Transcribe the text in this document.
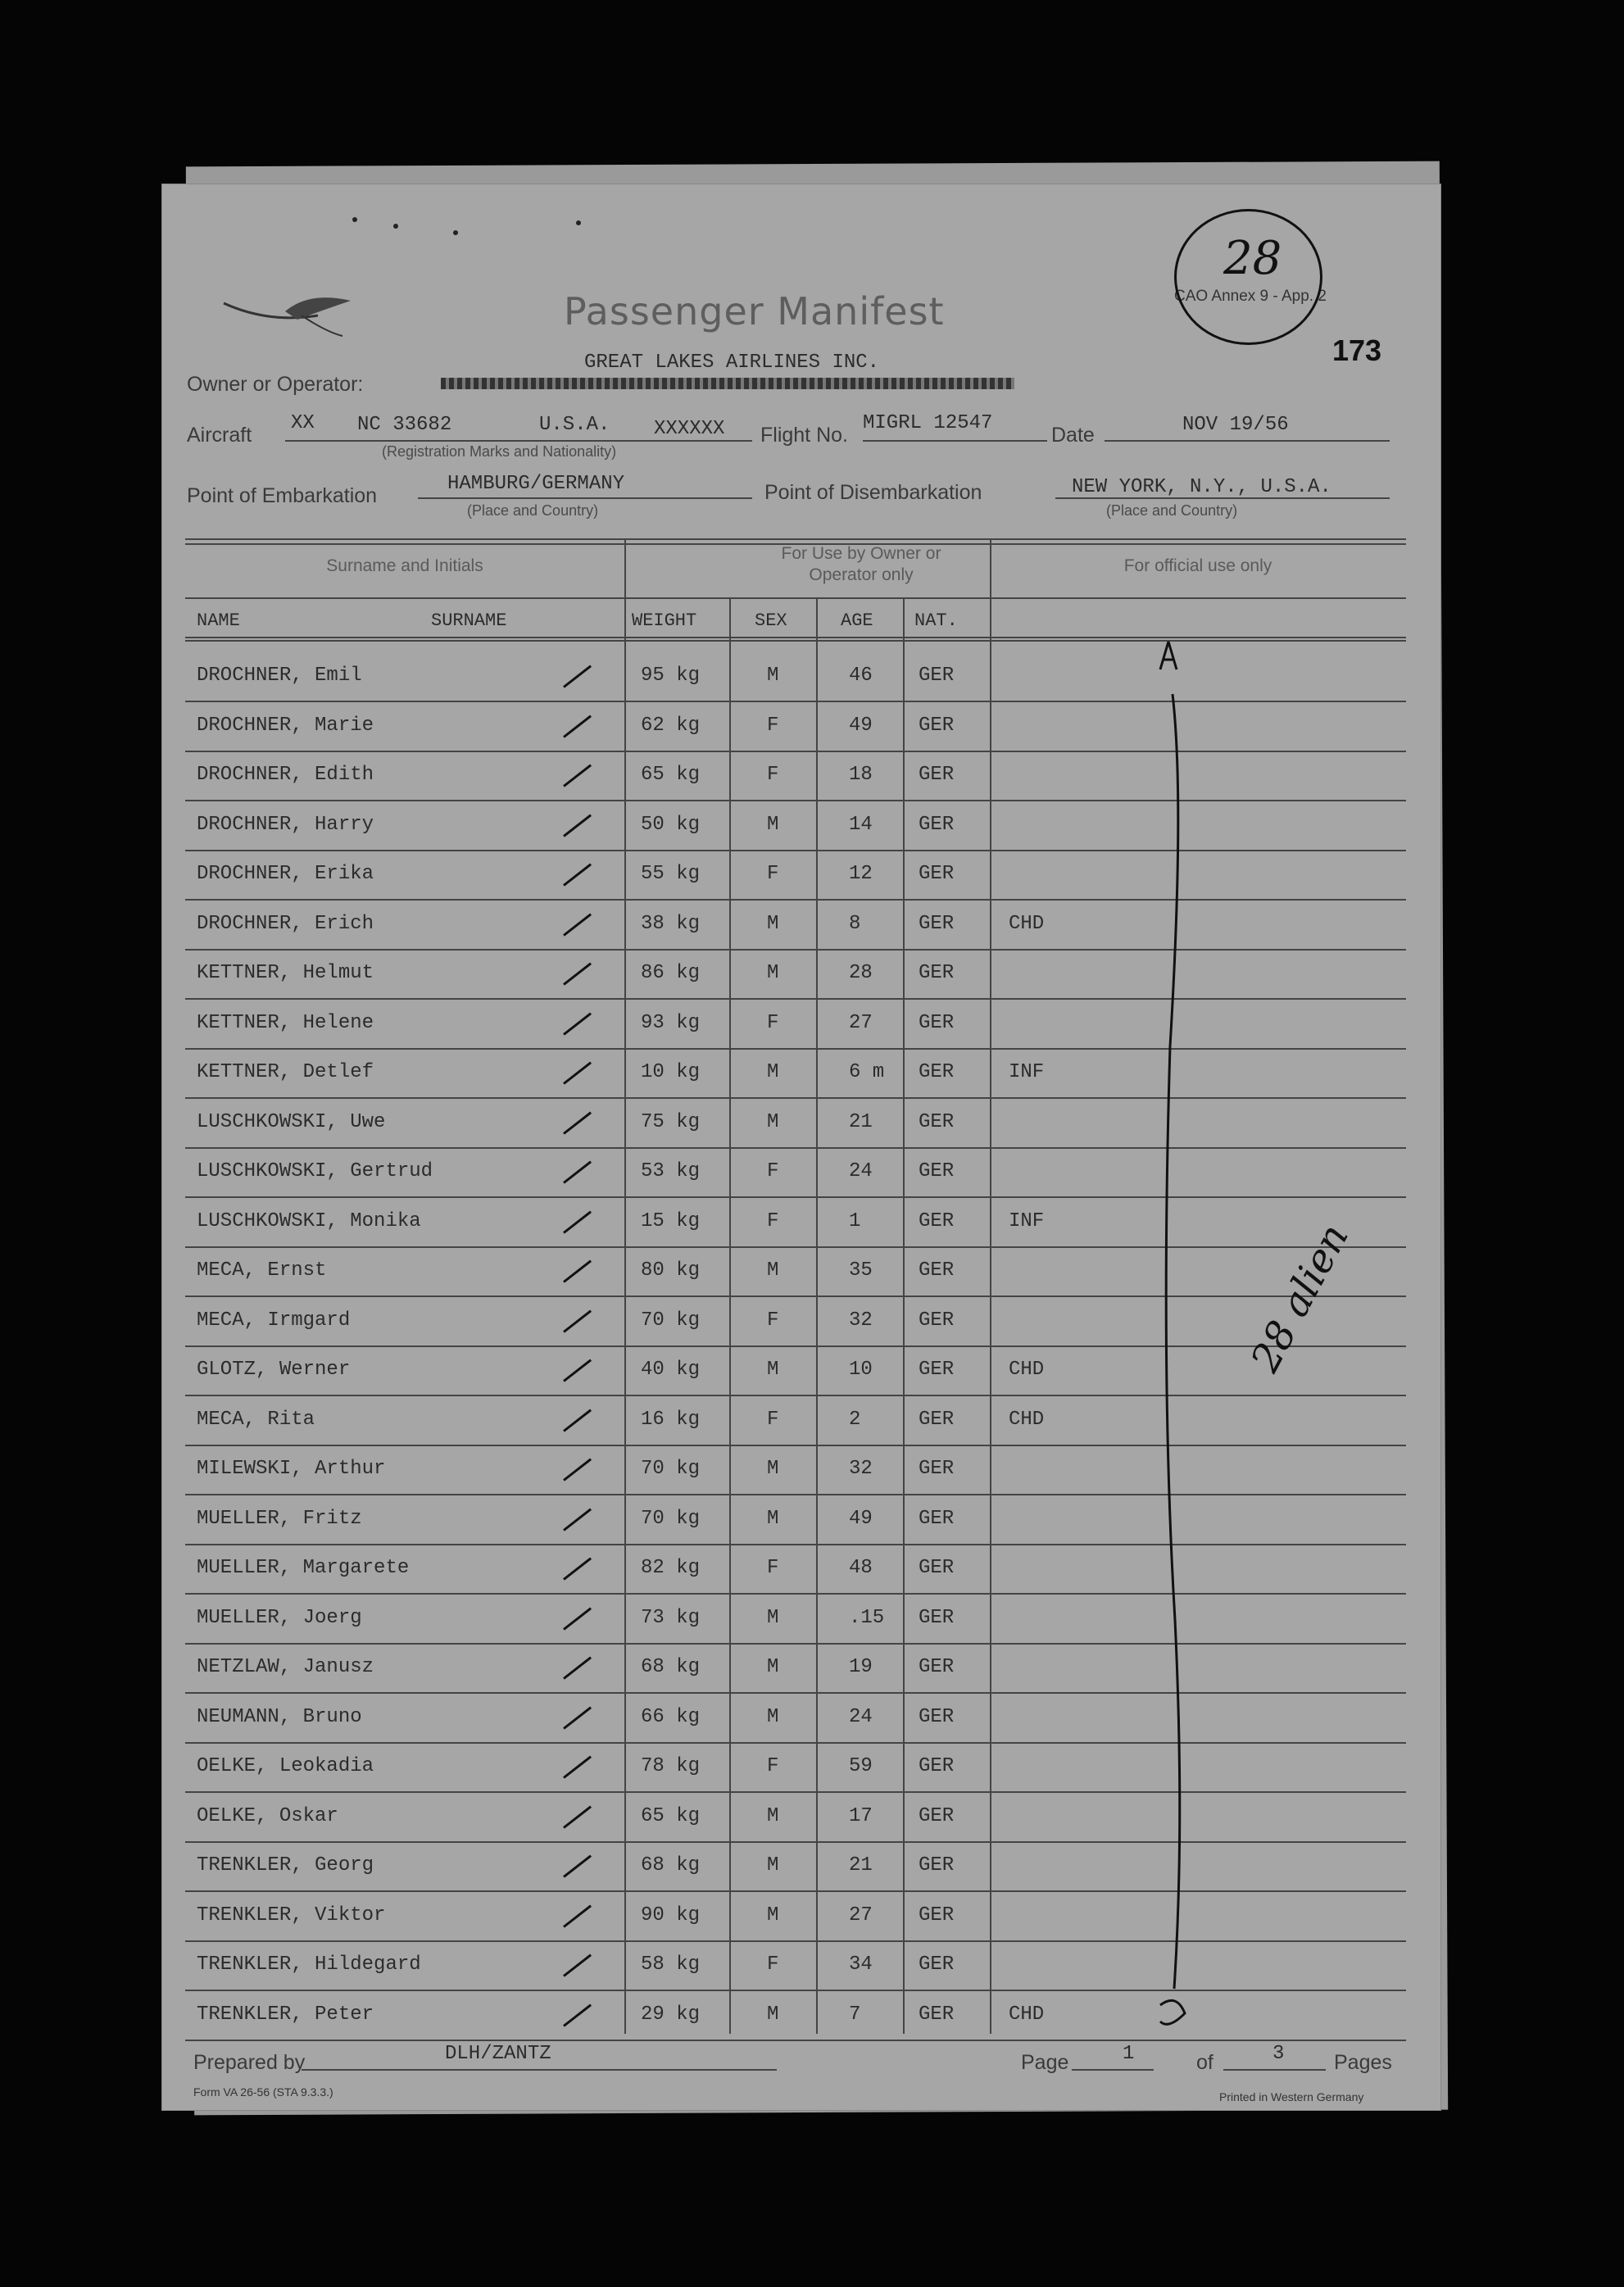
Passenger Manifest	CAO Annex 9 - App. 2
173
28
Owner or Operator:
GREAT LAKES AIRLINES INC.
Aircraft
XX NC 33682	U.S.A. XXXXXX
(Registration Marks and Nationality)
Flight No.
MIGRL 12547
Date	NOV 19/56
Point of Embarkation
HAMBURG/GERMANY
(Place and Country)
Point of Disembarkation	NEW YORK, N.Y., U.S.A.
(Place and Country)
Surname and Initials
For Use by Owner or Operator only	For official use only
NAME	SURNAME	WEIGHT	SEX	AGE NAT.
DROCHNER, Emil	95 kg	M	46 GER
DROCHNER, Marie	62 kg	F	49 GER
DROCHNER, Edith	65 kg	F	18 GER
DROCHNER, Harry	50 kg	M	14 GER
DROCHNER, Erika	55 kg	F	12 GER
DROCHNER, Erich	38 kg	M	8	GER	CHD
KETTNER, Helmut	86 kg	M	28 GER
KETTNER, Helene	93 kg	F	27 GER
KETTNER, Detlef	10 kg	M	6 m GER	INF
LUSCHKOWSKI, Uwe	75 kg	M	21 GER
LUSCHKOWSKI, Gertrud	53 kg	F	24 GER
LUSCHKOWSKI, Monika	15 kg	F	1	GER	INF
MECA, Ernst	80 kg	M	35 GER
MECA, Irmgard	70 kg	F	32 GER
GLOTZ, Werner	40 kg	M	10 GER	CHD
MECA, Rita	16 kg	F	2	GER	CHD
MILEWSKI, Arthur	70 kg	M	32 GER
MUELLER, Fritz	70 kg	M	49 GER
MUELLER, Margarete	82 kg	F	48 GER
MUELLER, Joerg	73 kg	M	.15 GER
NETZLAW, Janusz	68 kg	M	19 GER
NEUMANN, Bruno	66 kg	M	24 GER
OELKE, Leokadia	78 kg	F	59 GER
OELKE, Oskar	65 kg	M	17 GER
TRENKLER, Georg	68 kg	M	21 GER
TRENKLER, Viktor	90 kg	M	27 GER
TRENKLER, Hildegard	58 kg	F	34 GER
TRENKLER, Peter	29 kg	M	7	GER	CHD
28 alien
Prepared by	DLH/ZANTZ	Page	1	of	3 Pages
Form VA 26-56 (STA 9.3.3.)	Printed in Western Germany
